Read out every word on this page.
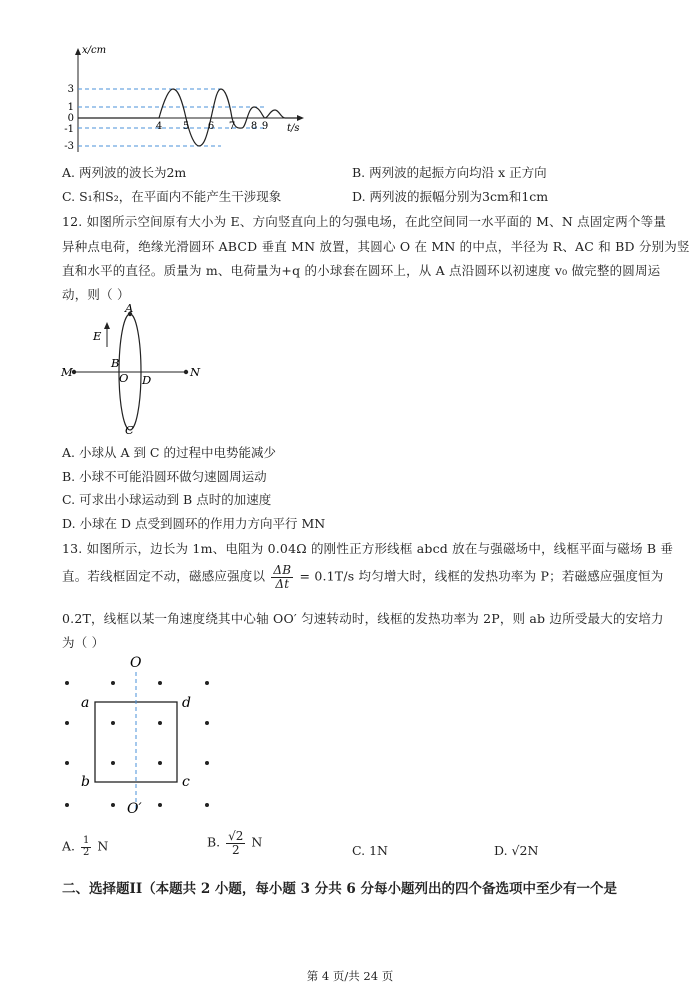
x/cm
t/s
3
1
0
-1
-3
4 5 6 7 8 9
A. 两列波的波长为2m	B. 两列波的起振方向均沿 x 正方向
C. S₁和S₂，在平面内不能产生干涉现象	D. 两列波的振幅分别为3cm和1cm
12. 如图所示空间原有大小为 E、方向竖直向上的匀强电场，在此空间同一水平面的 M、N 点固定两个等量
异种点电荷，绝缘光滑圆环 ABCD 垂直 MN 放置，其圆心 O 在 MN 的中点，半径为 R、AC 和 BD 分别为竖
直和水平的直径。质量为 m、电荷量为+q 的小球套在圆环上，从 A 点沿圆环以初速度 v₀ 做完整的圆周运
动，则（ ）
A
E
B
M	N
O D
C
A. 小球从 A 到 C 的过程中电势能减少
B. 小球不可能沿圆环做匀速圆周运动
C. 可求出小球运动到 B 点时的加速度
D. 小球在 D 点受到圆环的作用力方向平行 MN
13. 如图所示，边长为 1m、电阻为 0.04Ω 的刚性正方形线框 abcd 放在与强磁场中，线框平面与磁场 B 垂
直。若线框固定不动，磁感应强度以 $\frac{\Delta B}{\Delta t} = 0.1T/s$ 均匀增大时，线框的发热功率为 P；若磁感应强度恒为
0.2T，线框以某一角速度绕其中心轴 OO′ 匀速转动时，线框的发热功率为 2P，则 ab 边所受最大的安培力
为（ ）
O
a	d
b	c
O′
A. $\frac{1}{2}$ N	B. $\frac{√2}{2}$ N
C. 1N	D. √2N
二、选择题II（本题共 2 小题，每小题 3 分共 6 分每小题列出的四个备选项中至少有一个是
第 4 页/共 24 页
